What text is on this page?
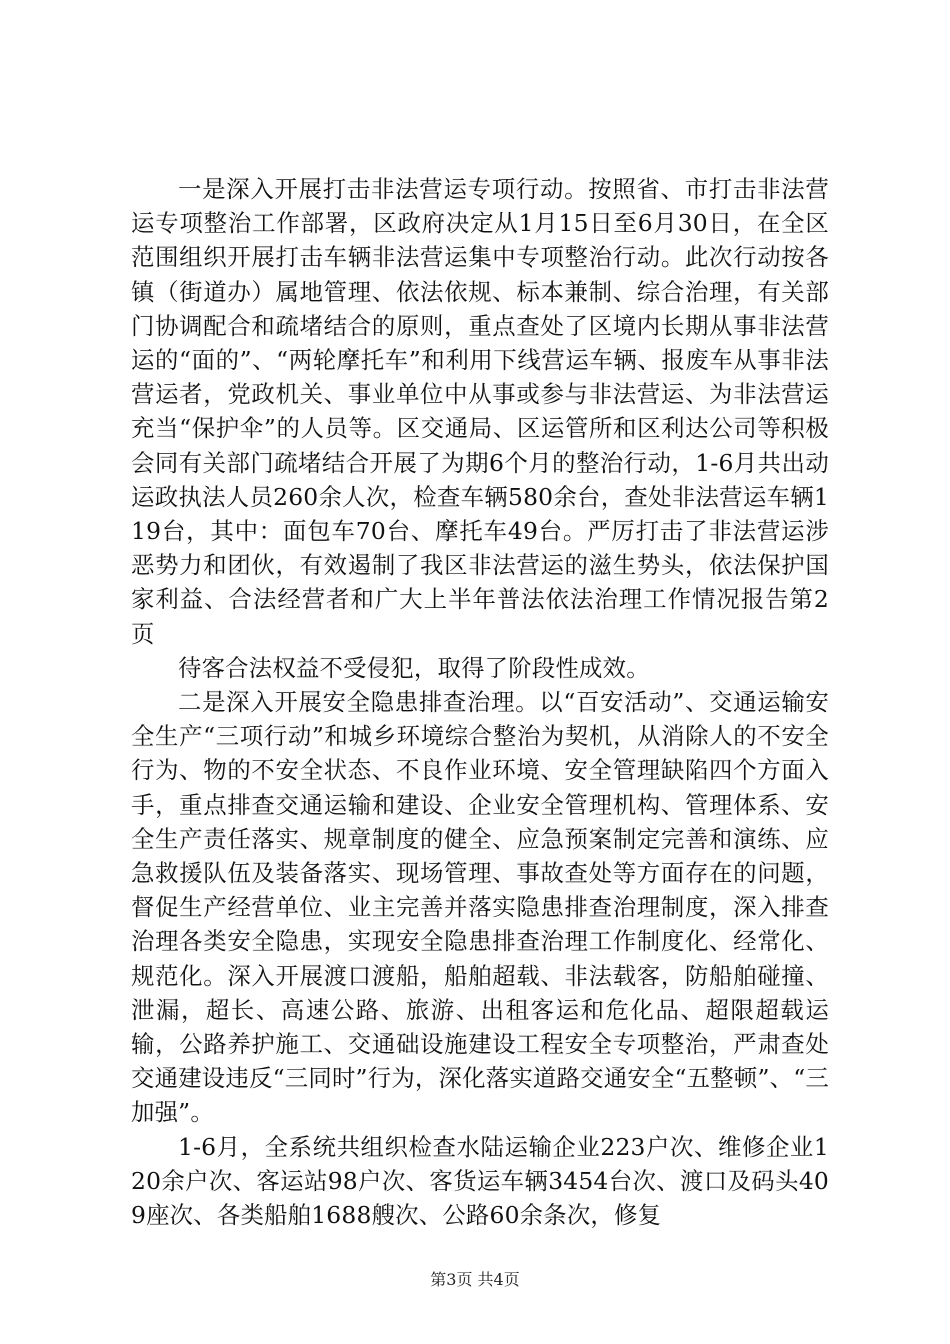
一是深入开展打击非法营运专项行动。按照省、市打击非法营运专项整治工作部署，区政府决定从1月15日至6月30日，在全区范围组织开展打击车辆非法营运集中专项整治行动。此次行动按各镇（街道办）属地管理、依法依规、标本兼制、综合治理，有关部门协调配合和疏堵结合的原则，重点查处了区境内长期从事非法营运的“面的”、“两轮摩托车”和利用下线营运车辆、报废车从事非法营运者，党政机关、事业单位中从事或参与非法营运、为非法营运充当“保护伞”的人员等。区交通局、区运管所和区利达公司等积极会同有关部门疏堵结合开展了为期6个月的整治行动，1-6月共出动运政执法人员260余人次，检查车辆580余台，查处非法营运车辆119台，其中：面包车70台、摩托车49台。严厉打击了非法营运涉恶势力和团伙，有效遏制了我区非法营运的滋生势头，依法保护国家利益、合法经营者和广大上半年普法依法治理工作情况报告第2页

待客合法权益不受侵犯，取得了阶段性成效。

二是深入开展安全隐患排查治理。以“百安活动”、交通运输安全生产“三项行动”和城乡环境综合整治为契机，从消除人的不安全行为、物的不安全状态、不良作业环境、安全管理缺陷四个方面入手，重点排查交通运输和建设、企业安全管理机构、管理体系、安全生产责任落实、规章制度的健全、应急预案制定完善和演练、应急救援队伍及装备落实、现场管理、事故查处等方面存在的问题，督促生产经营单位、业主完善并落实隐患排查治理制度，深入排查治理各类安全隐患，实现安全隐患排查治理工作制度化、经常化、规范化。深入开展渡口渡船，船舶超载、非法载客，防船舶碰撞、泄漏，超长、高速公路、旅游、出租客运和危化品、超限超载运输，公路养护施工、交通础设施建设工程安全专项整治，严肃查处交通建设违反“三同时”行为，深化落实道路交通安全“五整顿”、“三加强”。

1-6月，全系统共组织检查水陆运输企业223户次、维修企业120余户次、客运站98户次、客货运车辆3454台次、渡口及码头409座次、各类船舶1688艘次、公路60余条次，修复

第3页 共4页
